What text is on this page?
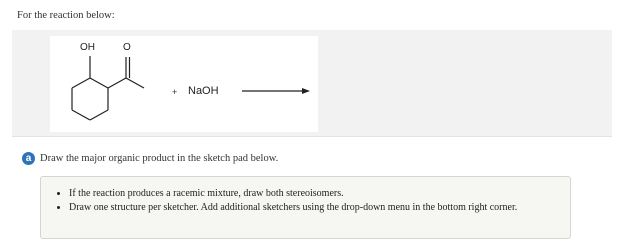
For the reaction below:
OH	O
+ NaOH
a Draw the major organic product in the sketch pad below.
• If the reaction produces a racemic mixture, draw both stereoisomers.
• Draw one structure per sketcher. Add additional sketchers using the drop-down menu in the bottom right corner.
